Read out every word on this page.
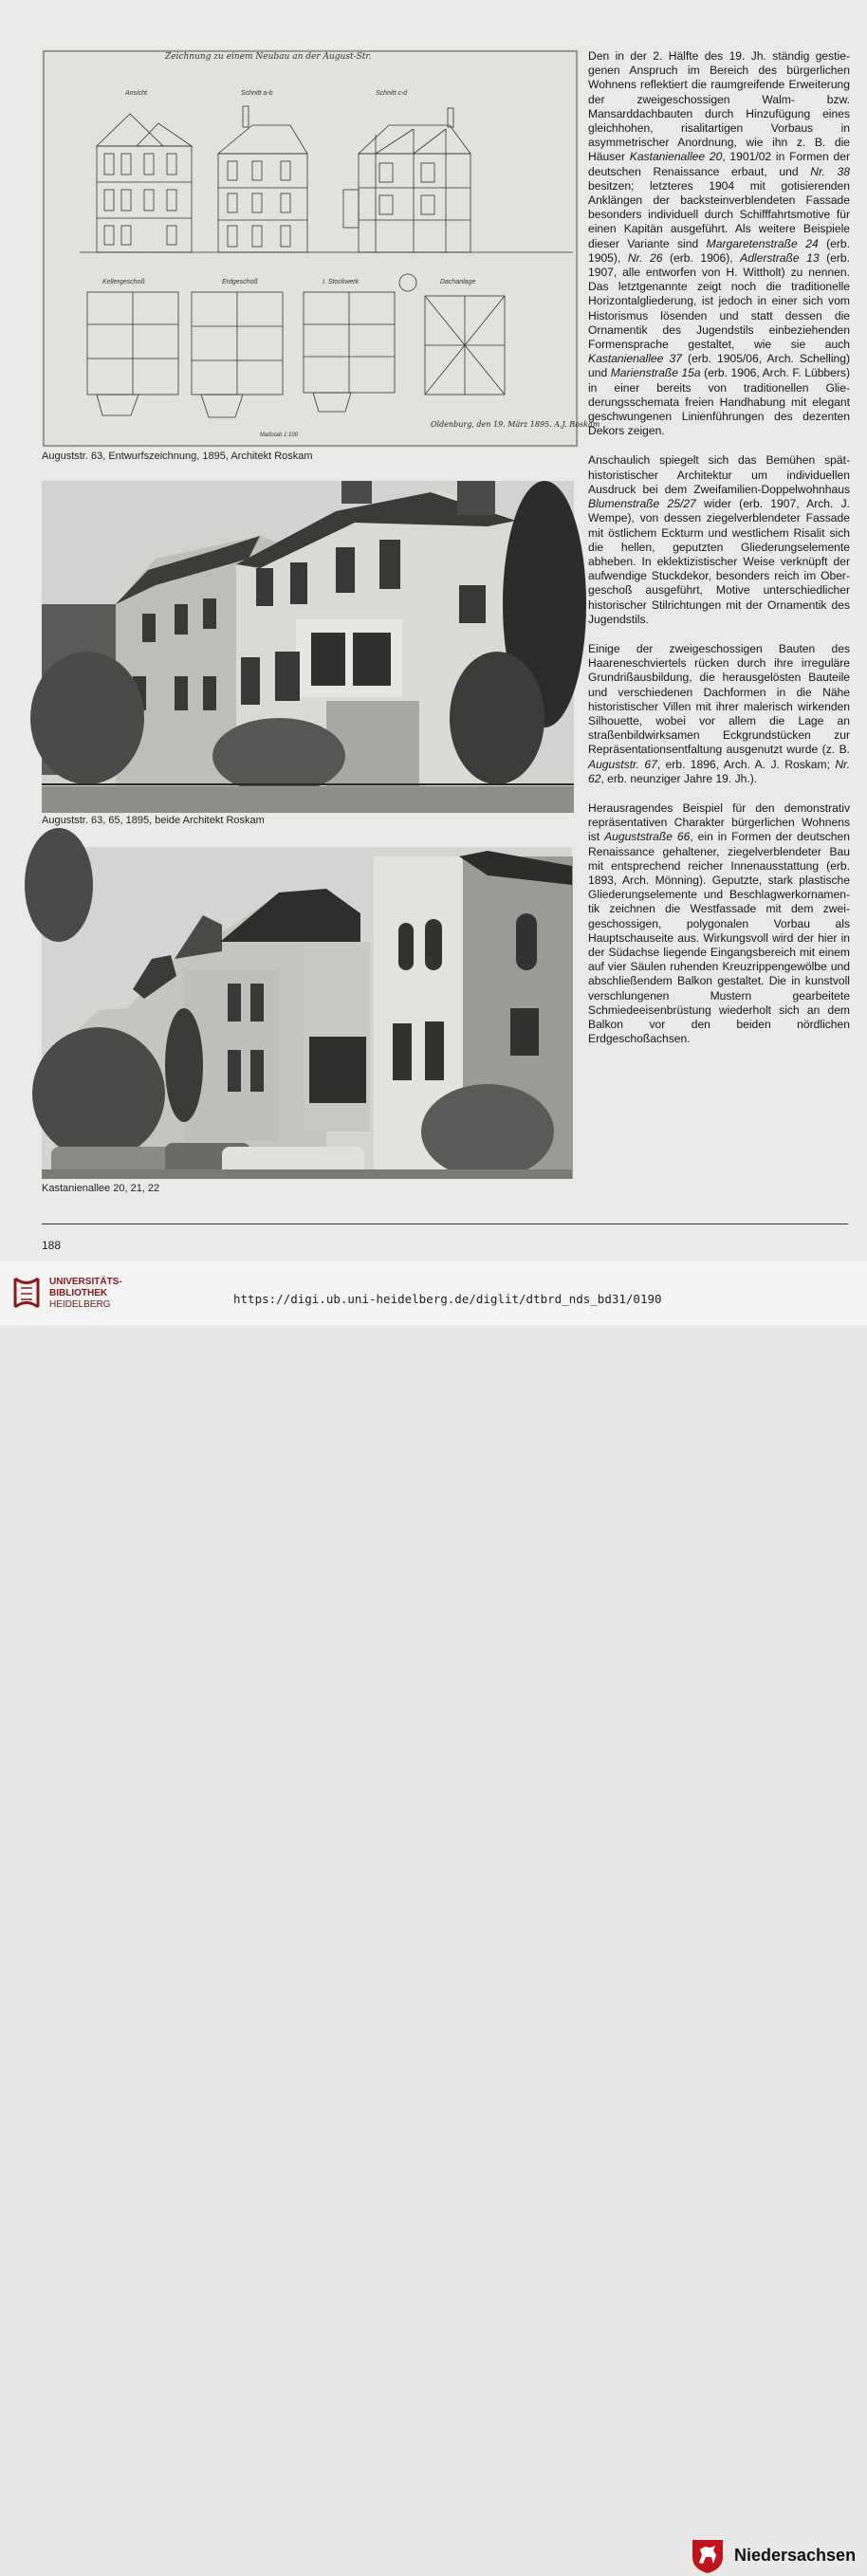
Zeichnung zu einem Neubau an der August-Str.
Ansicht	Schnitt a-b	Schnitt c-d
Kellergeschoß	Erdgeschoß	I. Stockwerk	Dachanlage
Oldenburg, den 19. März 1895. A.J. Roskam
Maßstab 1:100
Auguststr. 63, Entwurfszeichnung, 1895, Architekt Roskam
Auguststr. 63, 65, 1895, beide Architekt Roskam
Kastanienallee 20, 21, 22

Den in der 2. Hälfte des 19. Jh. ständig gestiegenen Anspruch im Bereich des bürgerlichen Wohnens reflektiert die raumgreifende Erweiterung der zweigeschossigen Walm- bzw. Mansarddachbauten durch Hinzufügung eines gleichhohen, risalitartigen Vorbaus in asymmetrischer Anordnung, wie ihn z. B. die Häuser Kastanienallee 20, 1901/02 in Formen der deutschen Renaissance erbaut, und Nr. 38 besitzen; letzteres 1904 mit gotisierenden Anklängen der backsteinverblendeten Fassade besonders individuell durch Schifffahrtsmotive für einen Kapitän ausgeführt. Als weitere Beispiele dieser Variante sind Margaretenstraße 24 (erb. 1905), Nr. 26 (erb. 1906), Adlerstraße 13 (erb. 1907, alle entworfen von H. Wittholt) zu nennen. Das letztgenannte zeigt noch die traditionelle Horizontalgliederung, ist jedoch in einer sich vom Historismus lösenden und statt dessen die Ornamentik des Jugendstils einbeziehenden Formensprache gestaltet, wie sie auch Kastanienallee 37 (erb. 1905/06, Arch. Schelling) und Marienstraße 15a (erb. 1906, Arch. F. Lübbers) in einer bereits von traditionellen Gliederungsschemata freien Handhabung mit elegant geschwungenen Linienführungen des dezenten Dekors zeigen.

Anschaulich spiegelt sich das Bemühen späthistoristischer Architektur um individuellen Ausdruck bei dem Zweifamilien-Doppelwohnhaus Blumenstraße 25/27 wider (erb. 1907, Arch. J. Wempe), von dessen ziegelverblendeter Fassade mit östlichem Eckturm und westlichem Risalit sich die hellen, geputzten Gliederungselemente abheben. In eklektizistischer Weise verknüpft der aufwendige Stuckdekor, besonders reich im Obergeschoß ausgeführt, Motive unterschiedlicher historischer Stilrichtungen mit der Ornamentik des Jugendstils.

Einige der zweigeschossigen Bauten des Haareneschviertels rücken durch ihre irreguläre Grundrißausbildung, die herausgelösten Bauteile und verschiedenen Dachformen in die Nähe historistischer Villen mit ihrer malerisch wirkenden Silhouette, wobei vor allem die Lage an straßenbildwirksamen Eckgrundstücken zur Repräsentationsentfaltung ausgenutzt wurde (z. B. Auguststr. 67, erb. 1896, Arch. A. J. Roskam; Nr. 62, erb. neunziger Jahre 19. Jh.).

Herausragendes Beispiel für den demonstrativ repräsentativen Charakter bürgerlichen Wohnens ist Auguststraße 66, ein in Formen der deutschen Renaissance gehaltener, ziegelverblendeter Bau mit entsprechend reicher Innenausstattung (erb. 1893, Arch. Mönning). Geputzte, stark plastische Gliederungselemente und Beschlagwerkornamentik zeichnen die Westfassade mit dem zweigeschossigen, polygonalen Vorbau als Hauptschauseite aus. Wirkungsvoll wird der hier in der Südachse liegende Eingangsbereich mit einem auf vier Säulen ruhenden Kreuzrippengewölbe und abschließendem Balkon gestaltet. Die in kunstvoll verschlungenen Mustern gearbeitete Schmiedeeisenbrüstung wiederholt sich an dem Balkon vor den beiden nördlichen Erdgeschoßachsen.

188
UNIVERSITÄTS-
BIBLIOTHEK
HEIDELBERG
Niedersachsen
https://digi.ub.uni-heidelberg.de/diglit/dtbrd_nds_bd31/0190
